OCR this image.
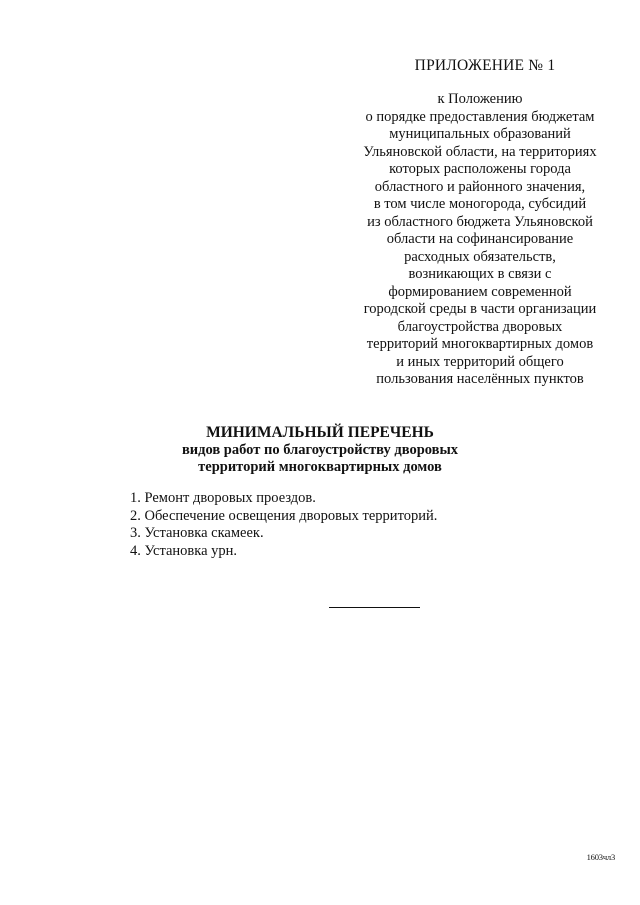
ПРИЛОЖЕНИЕ № 1
к Положению
о порядке предоставления бюджетам
муниципальных образований
Ульяновской области, на территориях
которых расположены города
областного и районного значения,
в том числе моногорода, субсидий
из областного бюджета Ульяновской
области на софинансирование
расходных обязательств,
возникающих в связи с
формированием современной
городской среды в части организации
благоустройства дворовых
территорий многоквартирных домов
и иных территорий общего
пользования населённых пунктов
МИНИМАЛЬНЫЙ ПЕРЕЧЕНЬ
видов работ по благоустройству дворовых
территорий многоквартирных домов
1. Ремонт дворовых проездов.
2. Обеспечение освещения дворовых территорий.
3. Установка скамеек.
4. Установка урн.
1603чл3
